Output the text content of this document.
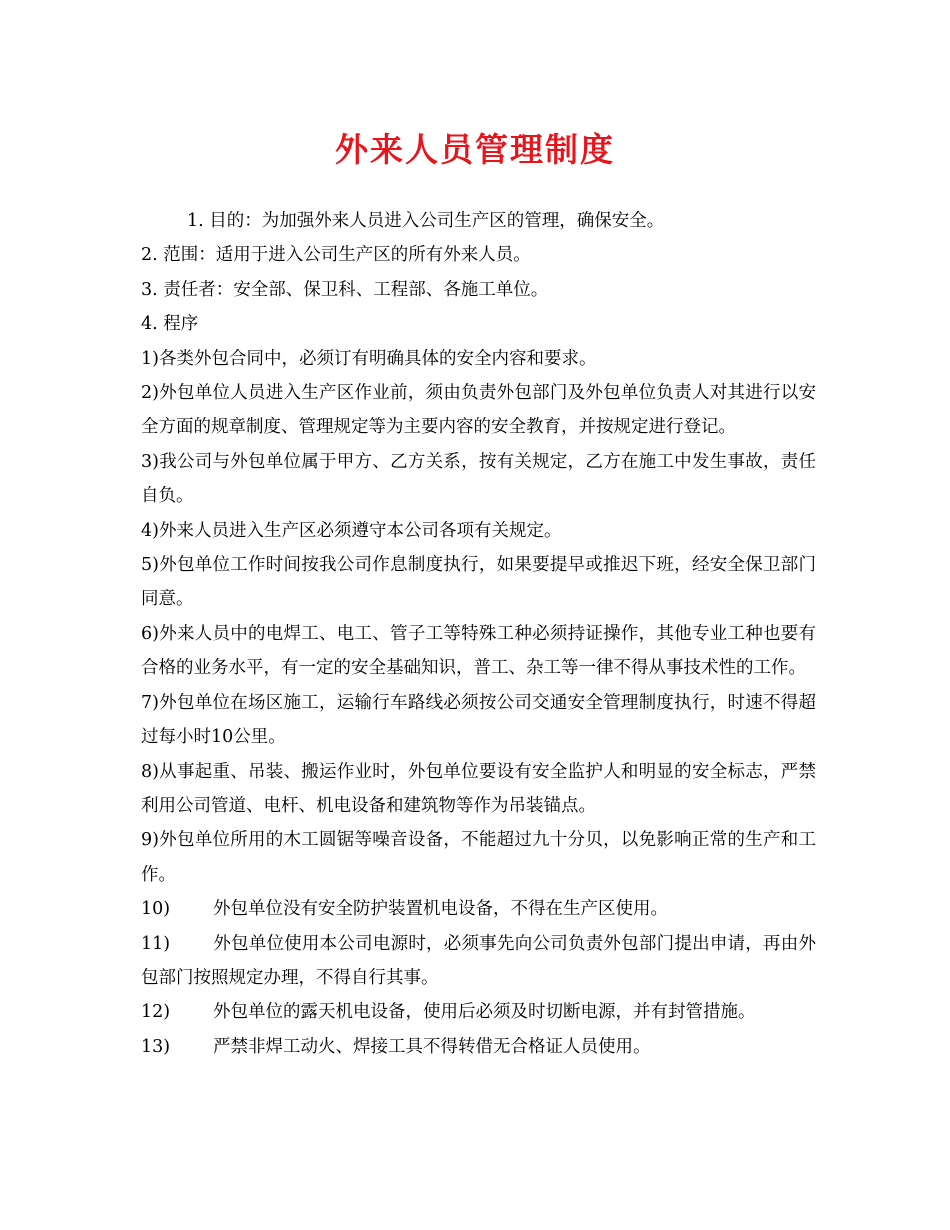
外来人员管理制度

1. 目的：为加强外来人员进入公司生产区的管理，确保安全。

2. 范围：适用于进入公司生产区的所有外来人员。

3. 责任者：安全部、保卫科、工程部、各施工单位。

4. 程序

1)各类外包合同中，必须订有明确具体的安全内容和要求。

2)外包单位人员进入生产区作业前，须由负责外包部门及外包单位负责人对其进行以安全方面的规章制度、管理规定等为主要内容的安全教育，并按规定进行登记。

3)我公司与外包单位属于甲方、乙方关系，按有关规定，乙方在施工中发生事故，责任自负。

4)外来人员进入生产区必须遵守本公司各项有关规定。

5)外包单位工作时间按我公司作息制度执行，如果要提早或推迟下班，经安全保卫部门同意。

6)外来人员中的电焊工、电工、管子工等特殊工种必须持证操作，其他专业工种也要有合格的业务水平，有一定的安全基础知识，普工、杂工等一律不得从事技术性的工作。

7)外包单位在场区施工，运输行车路线必须按公司交通安全管理制度执行，时速不得超过每小时10公里。

8)从事起重、吊装、搬运作业时，外包单位要设有安全监护人和明显的安全标志，严禁利用公司管道、电杆、机电设备和建筑物等作为吊装锚点。

9)外包单位所用的木工圆锯等噪音设备，不能超过九十分贝，以免影响正常的生产和工作。

10) 外包单位没有安全防护装置机电设备，不得在生产区使用。

11) 外包单位使用本公司电源时，必须事先向公司负责外包部门提出申请，再由外包部门按照规定办理，不得自行其事。

12) 外包单位的露天机电设备，使用后必须及时切断电源，并有封管措施。

13) 严禁非焊工动火、焊接工具不得转借无合格证人员使用。
